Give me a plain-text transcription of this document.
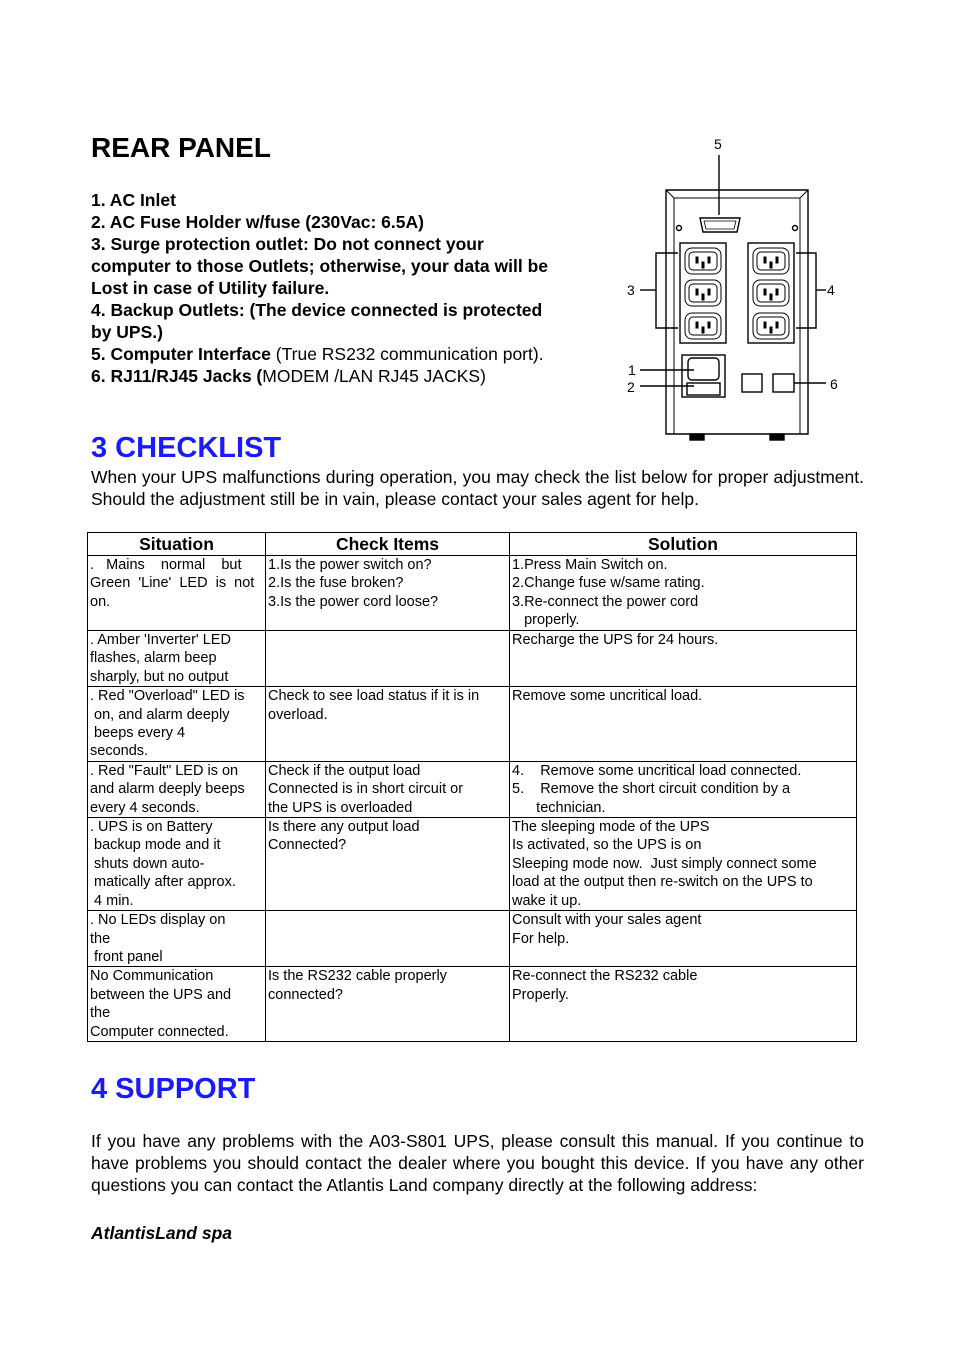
REAR PANEL
1. AC Inlet
2. AC Fuse Holder w/fuse (230Vac: 6.5A)
3. Surge protection outlet: Do not connect your
computer to those Outlets; otherwise, your data will be
Lost in case of Utility failure.
4. Backup Outlets: (The device connected is protected
by UPS.)
5. Computer Interface (True RS232 communication port).
6. RJ11/RJ45 Jacks (MODEM /LAN RJ45 JACKS)
5
3	4
1
2	6
3 CHECKLIST
When your UPS malfunctions during operation, you may check the list below for proper adjustment. Should the adjustment still be in vain, please contact your sales agent for help.
Situation	Check Items	Solution

.   Mains    normal    but
Green  'Line'  LED  is  not
on.	1.Is the power switch on?
2.Is the fuse broken?
3.Is the power cord loose?	1.Press Main Switch on.
2.Change fuse w/same rating.
3.Re-connect the power cord
properly.

. Amber 'Inverter' LED
flashes, alarm beep
sharply, but no output		Recharge the UPS for 24 hours.

. Red "Overload" LED is
on, and alarm deeply
beeps every 4
seconds.	Check to see load status if it is in
overload.	Remove some uncritical load.

. Red "Fault" LED is on
and alarm deeply beeps
every 4 seconds.	Check if the output load
Connected is in short circuit or
the UPS is overloaded	4.    Remove some uncritical load connected.
5.    Remove the short circuit condition by a
technician.

. UPS is on Battery
backup mode and it
shuts down auto-
matically after approx.
4 min.	Is there any output load
Connected?	The sleeping mode of the UPS
Is activated, so the UPS is on
Sleeping mode now.  Just simply connect some
load at the output then re-switch on the UPS to
wake it up.

. No LEDs display on
the
front panel		Consult with your sales agent
For help.

No Communication
between the UPS and
the
Computer connected.	Is the RS232 cable properly
connected?	Re-connect the RS232 cable
Properly.
4 SUPPORT
If you have any problems with the A03-S801 UPS, please consult this manual. If you continue to have problems you should contact the dealer where you bought this device. If you have any other questions you can contact the Atlantis Land company directly at the following address:
AtlantisLand spa
